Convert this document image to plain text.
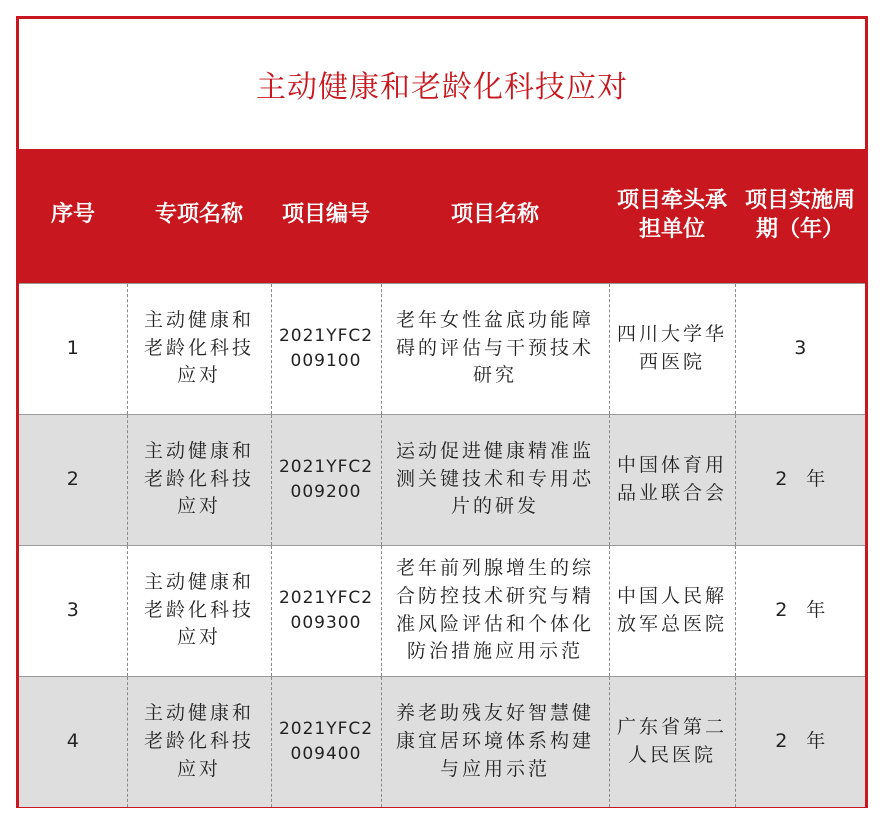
主动健康和老龄化科技应对
序号	专项名称	项目编号	项目名称	项目牵头承担单位	项目实施周期（年）
1	主动健康和老龄化科技应对	2021YFC2009100	老年女性盆底功能障碍的评估与干预技术研究	四川大学华西医院	3
2	主动健康和老龄化科技应对	2021YFC2009200	运动促进健康精准监测关键技术和专用芯片的研发	中国体育用品业联合会	2　年
3	主动健康和老龄化科技应对	2021YFC2009300	老年前列腺增生的综合防控技术研究与精准风险评估和个体化防治措施应用示范	中国人民解放军总医院	2　年
4	主动健康和老龄化科技应对	2021YFC2009400	养老助残友好智慧健康宜居环境体系构建与应用示范	广东省第二人民医院	2　年
